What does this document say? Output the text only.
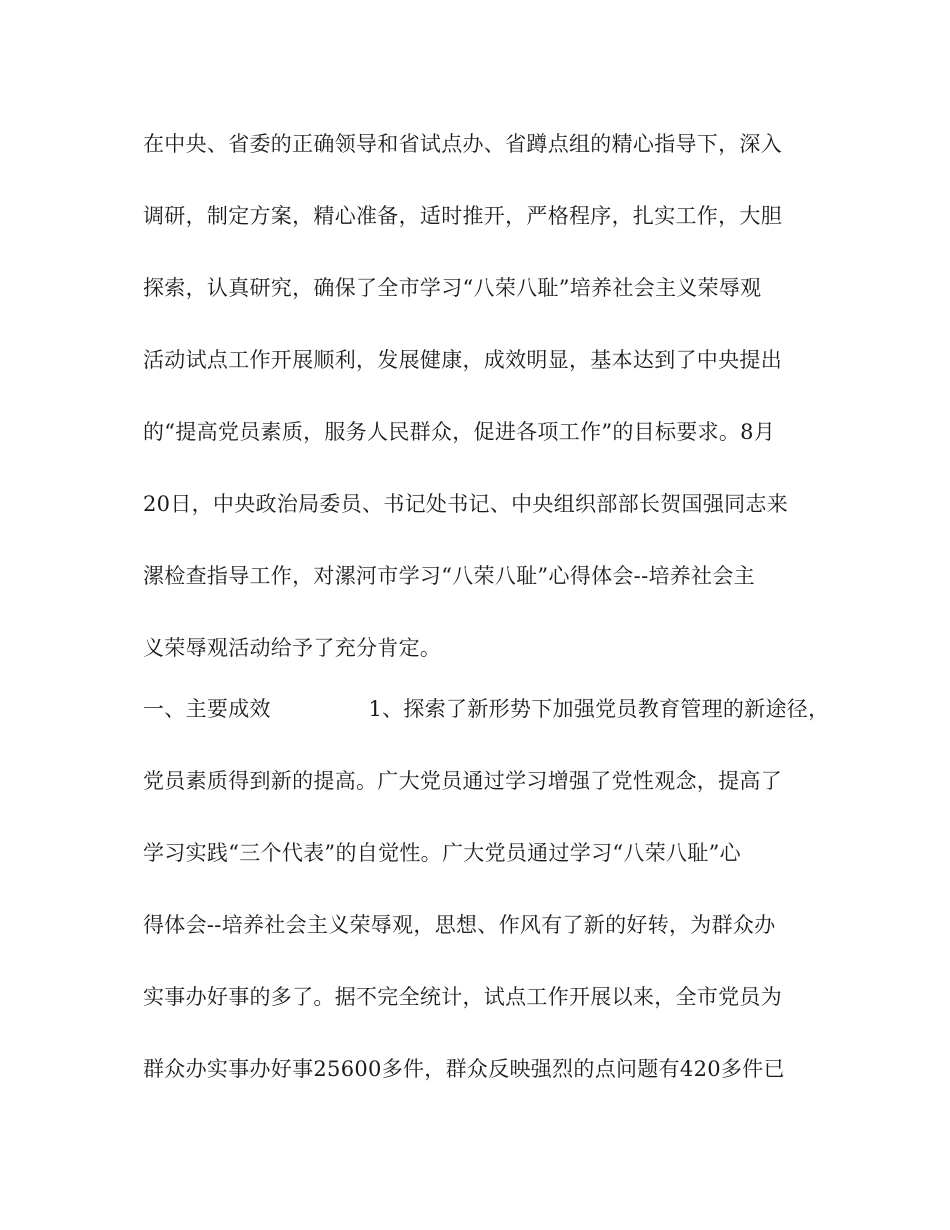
在中央、省委的正确领导和省试点办、省蹲点组的精心指导下，深入
调研，制定方案，精心准备，适时推开，严格程序，扎实工作，大胆
探索，认真研究，确保了全市学习“八荣八耻”培养社会主义荣辱观
活动试点工作开展顺利，发展健康，成效明显，基本达到了中央提出
的“提高党员素质，服务人民群众，促进各项工作”的目标要求。8月
20日，中央政治局委员、书记处书记、中央组织部部长贺国强同志来
漯检查指导工作，对漯河市学习“八荣八耻”心得体会--培养社会主
义荣辱观活动给予了充分肯定。
一、主要成效              1、探索了新形势下加强党员教育管理的新途径，
党员素质得到新的提高。广大党员通过学习增强了党性观念，提高了
学习实践“三个代表”的自觉性。广大党员通过学习“八荣八耻”心
得体会--培养社会主义荣辱观，思想、作风有了新的好转，为群众办
实事办好事的多了。据不完全统计，试点工作开展以来，全市党员为
群众办实事办好事25600多件，群众反映强烈的点问题有420多件已
